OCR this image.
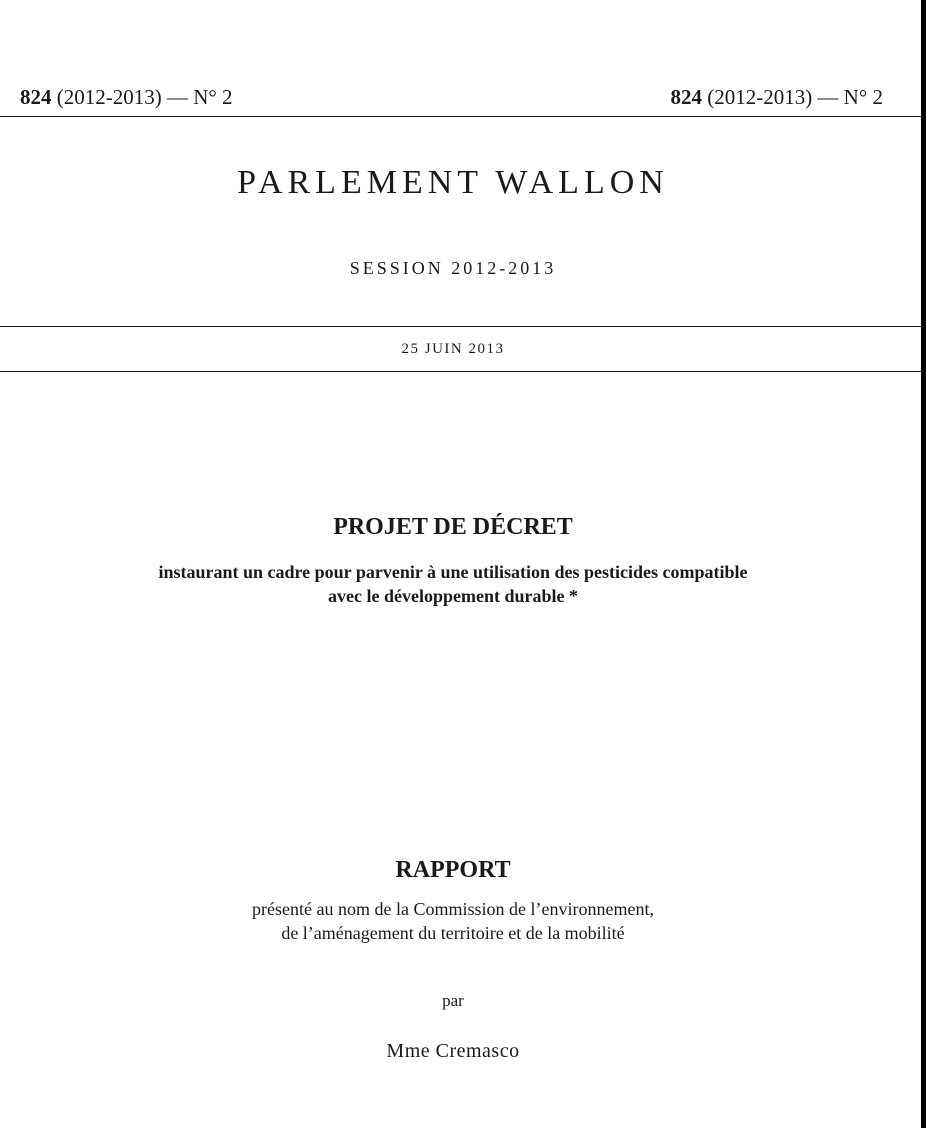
824 (2012-2013) — N° 2	824 (2012-2013) — N° 2
PARLEMENT WALLON
SESSION 2012-2013
25 JUIN 2013
PROJET DE DÉCRET
instaurant un cadre pour parvenir à une utilisation des pesticides compatible
avec le développement durable *
RAPPORT
présenté au nom de la Commission de l’environnement,
de l’aménagement du territoire et de la mobilité
par
Mme Cremasco
